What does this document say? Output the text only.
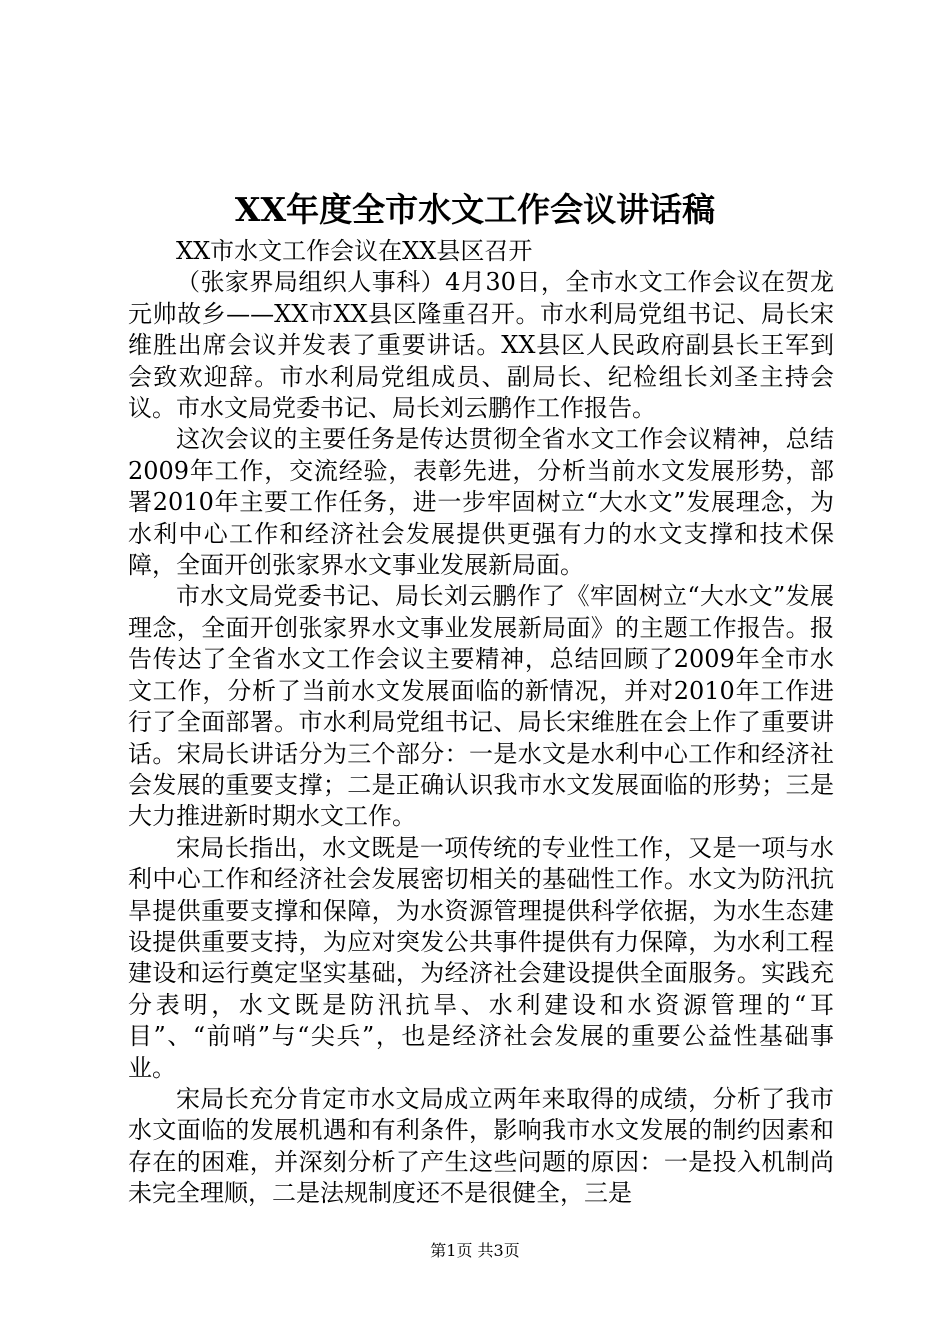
XX年度全市水文工作会议讲话稿

XX市水文工作会议在XX县区召开

（张家界局组织人事科）4月30日，全市水文工作会议在贺龙元帅故乡——XX市XX县区隆重召开。市水利局党组书记、局长宋维胜出席会议并发表了重要讲话。XX县区人民政府副县长王军到会致欢迎辞。市水利局党组成员、副局长、纪检组长刘圣主持会议。市水文局党委书记、局长刘云鹏作工作报告。

这次会议的主要任务是传达贯彻全省水文工作会议精神，总结2009年工作，交流经验，表彰先进，分析当前水文发展形势，部署2010年主要工作任务，进一步牢固树立“大水文”发展理念，为水利中心工作和经济社会发展提供更强有力的水文支撑和技术保障，全面开创张家界水文事业发展新局面。

市水文局党委书记、局长刘云鹏作了《牢固树立“大水文”发展理念，全面开创张家界水文事业发展新局面》的主题工作报告。报告传达了全省水文工作会议主要精神，总结回顾了2009年全市水文工作，分析了当前水文发展面临的新情况，并对2010年工作进行了全面部署。市水利局党组书记、局长宋维胜在会上作了重要讲话。宋局长讲话分为三个部分：一是水文是水利中心工作和经济社会发展的重要支撑；二是正确认识我市水文发展面临的形势；三是大力推进新时期水文工作。

宋局长指出，水文既是一项传统的专业性工作，又是一项与水利中心工作和经济社会发展密切相关的基础性工作。水文为防汛抗旱提供重要支撑和保障，为水资源管理提供科学依据，为水生态建设提供重要支持，为应对突发公共事件提供有力保障，为水利工程建设和运行奠定坚实基础，为经济社会建设提供全面服务。实践充分表明，水文既是防汛抗旱、水利建设和水资源管理的“耳目”、“前哨”与“尖兵”，也是经济社会发展的重要公益性基础事业。

宋局长充分肯定市水文局成立两年来取得的成绩，分析了我市水文面临的发展机遇和有利条件，影响我市水文发展的制约因素和存在的困难，并深刻分析了产生这些问题的原因：一是投入机制尚未完全理顺，二是法规制度还不是很健全，三是

第1页 共3页
